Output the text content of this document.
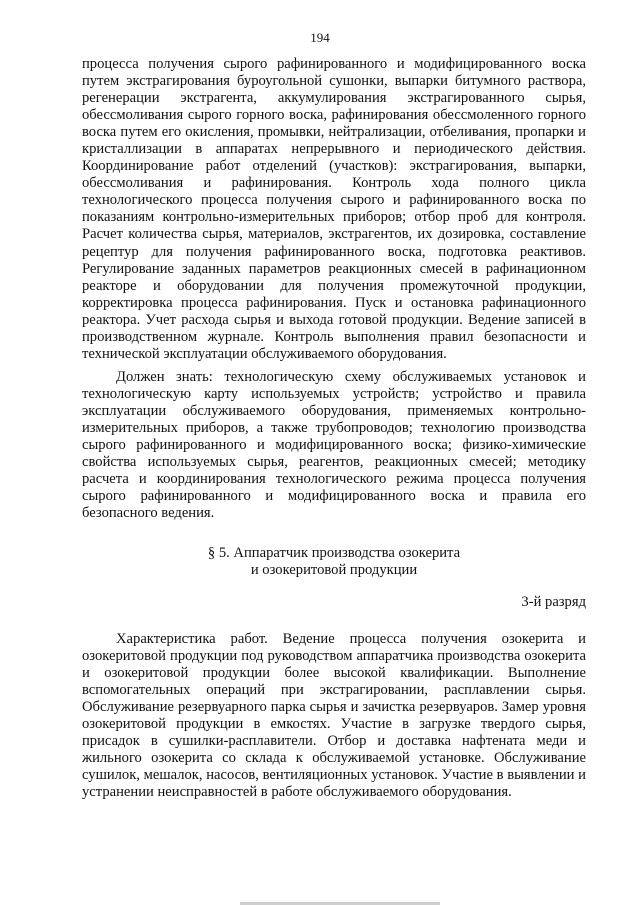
194
процесса получения сырого рафинированного и модифицированного воска путем экстрагирования буроугольной сушонки, выпарки битумного раствора, регенерации экстрагента, аккумулирования экстрагированного сырья, обессмоливания сырого горного воска, рафинирования обессмоленного горного воска путем его окисления, промывки, нейтрализации, отбеливания, пропарки и кристаллизации в аппаратах непрерывного и периодического действия. Координирование работ отделений (участков): экстрагирования, выпарки, обессмоливания и рафинирования. Контроль хода полного цикла технологического процесса получения сырого и рафинированного воска по показаниям контрольно-измерительных приборов; отбор проб для контроля. Расчет количества сырья, материалов, экстрагентов, их дозировка, составление рецептур для получения рафинированного воска, подготовка реактивов. Регулирование заданных параметров реакционных смесей в рафинационном реакторе и оборудовании для получения промежуточной продукции, корректировка процесса рафинирования. Пуск и остановка рафинационного реактора. Учет расхода сырья и выхода готовой продукции. Ведение записей в производственном журнале. Контроль выполнения правил безопасности и технической эксплуатации обслуживаемого оборудования.
Должен знать: технологическую схему обслуживаемых установок и технологическую карту используемых устройств; устройство и правила эксплуатации обслуживаемого оборудования, применяемых контрольно-измерительных приборов, а также трубопроводов; технологию производства сырого рафинированного и модифицированного воска; физико-химические свойства используемых сырья, реагентов, реакционных смесей; методику расчета и координирования технологического режима процесса получения сырого рафинированного и модифицированного воска и правила его безопасного ведения.
§ 5. Аппаратчик производства озокерита
и озокеритовой продукции
3-й разряд
Характеристика работ. Ведение процесса получения озокерита и озокеритовой продукции под руководством аппаратчика производства озокерита и озокеритовой продукции более высокой квалификации. Выполнение вспомогательных операций при экстрагировании, расплавлении сырья. Обслуживание резервуарного парка сырья и зачистка резервуаров. Замер уровня озокеритовой продукции в емкостях. Участие в загрузке твердого сырья, присадок в сушилки-расплавители. Отбор и доставка нафтената меди и жильного озокерита со склада к обслуживаемой установке. Обслуживание сушилок, мешалок, насосов, вентиляционных установок. Участие в выявлении и устранении неисправностей в работе обслуживаемого оборудования.
